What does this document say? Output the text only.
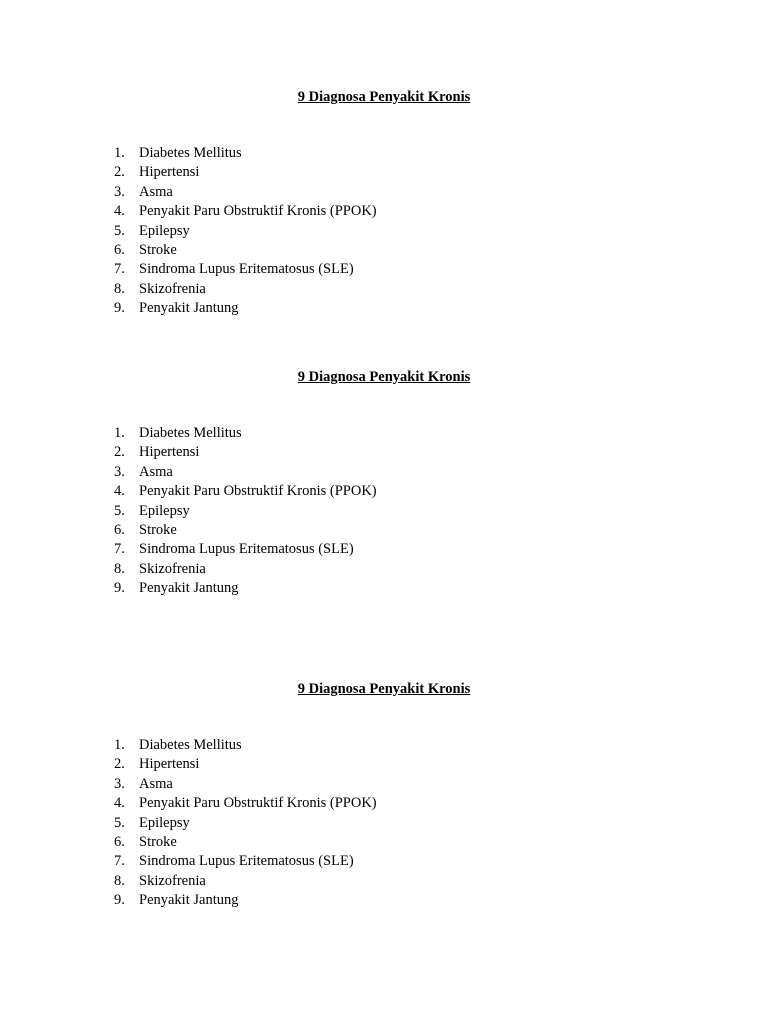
9 Diagnosa Penyakit Kronis
1. Diabetes Mellitus
2. Hipertensi
3. Asma
4. Penyakit Paru Obstruktif Kronis (PPOK)
5. Epilepsy
6. Stroke
7. Sindroma Lupus Eritematosus (SLE)
8. Skizofrenia
9. Penyakit Jantung
9 Diagnosa Penyakit Kronis
1. Diabetes Mellitus
2. Hipertensi
3. Asma
4. Penyakit Paru Obstruktif Kronis (PPOK)
5. Epilepsy
6. Stroke
7. Sindroma Lupus Eritematosus (SLE)
8. Skizofrenia
9. Penyakit Jantung
9 Diagnosa Penyakit Kronis
1. Diabetes Mellitus
2. Hipertensi
3. Asma
4. Penyakit Paru Obstruktif Kronis (PPOK)
5. Epilepsy
6. Stroke
7. Sindroma Lupus Eritematosus (SLE)
8. Skizofrenia
9. Penyakit Jantung
